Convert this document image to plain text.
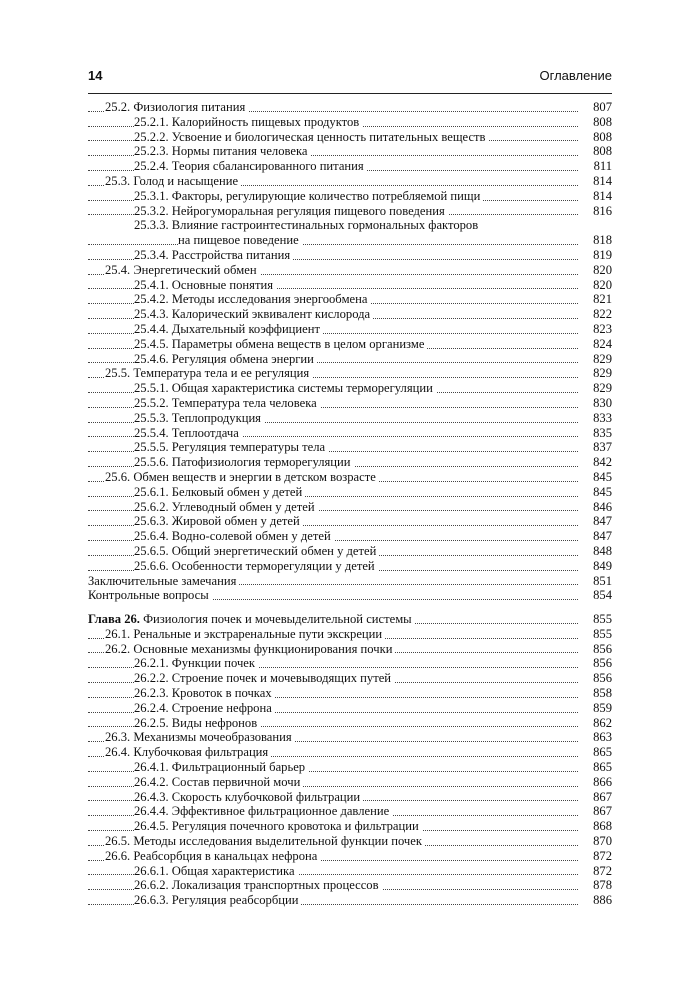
14	Оглавление
25.2. Физиология питания	807
25.2.1. Калорийность пищевых продуктов	808
25.2.2. Усвоение и биологическая ценность питательных веществ	808
25.2.3. Нормы питания человека	808
25.2.4. Теория сбалансированного питания	811
25.3. Голод и насыщение	814
25.3.1. Факторы, регулирующие количество потребляемой пищи	814
25.3.2. Нейрогуморальная регуляция пищевого поведения	816
25.3.3. Влияние гастроинтестинальных гормональных факторов
на пищевое поведение	818
25.3.4. Расстройства питания	819
25.4. Энергетический обмен	820
25.4.1. Основные понятия	820
25.4.2. Методы исследования энергообмена	821
25.4.3. Калорический эквивалент кислорода	822
25.4.4. Дыхательный коэффициент	823
25.4.5. Параметры обмена веществ в целом организме	824
25.4.6. Регуляция обмена энергии	829
25.5. Температура тела и ее регуляция	829
25.5.1. Общая характеристика системы терморегуляции	829
25.5.2. Температура тела человека	830
25.5.3. Теплопродукция	833
25.5.4. Теплоотдача	835
25.5.5. Регуляция температуры тела	837
25.5.6. Патофизиология терморегуляции	842
25.6. Обмен веществ и энергии в детском возрасте	845
25.6.1. Белковый обмен у детей	845
25.6.2. Углеводный обмен у детей	846
25.6.3. Жировой обмен у детей	847
25.6.4. Водно-солевой обмен у детей	847
25.6.5. Общий энергетический обмен у детей	848
25.6.6. Особенности терморегуляции у детей	849
Заключительные замечания	851
Контрольные вопросы	854
Глава 26. Физиология почек и мочевыделительной системы	855
26.1. Ренальные и экстраренальные пути экскреции	855
26.2. Основные механизмы функционирования почки	856
26.2.1. Функции почек	856
26.2.2. Строение почек и мочевыводящих путей	856
26.2.3. Кровоток в почках	858
26.2.4. Строение нефрона	859
26.2.5. Виды нефронов	862
26.3. Механизмы мочеобразования	863
26.4. Клубочковая фильтрация	865
26.4.1. Фильтрационный барьер	865
26.4.2. Состав первичной мочи	866
26.4.3. Скорость клубочковой фильтрации	867
26.4.4. Эффективное фильтрационное давление	867
26.4.5. Регуляция почечного кровотока и фильтрации	868
26.5. Методы исследования выделительной функции почек	870
26.6. Реабсорбция в канальцах нефрона	872
26.6.1. Общая характеристика	872
26.6.2. Локализация транспортных процессов	878
26.6.3. Регуляция реабсорбции	886
